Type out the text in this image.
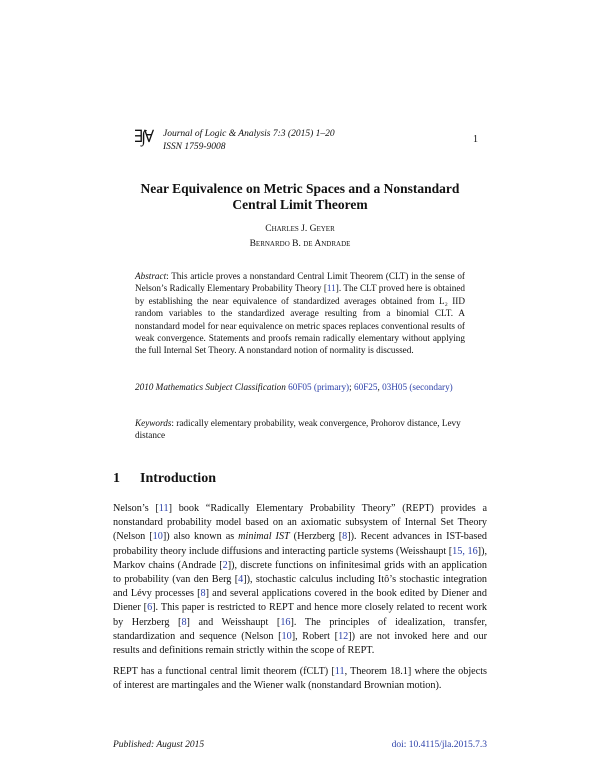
∃∫∀ Journal of Logic & Analysis 7:3 (2015) 1–20
ISSN 1759-9008
1
Near Equivalence on Metric Spaces and a Nonstandard
Central Limit Theorem
Charles J. Geyer
Bernardo B. de Andrade
Abstract: This article proves a nonstandard Central Limit Theorem (CLT) in the sense of Nelson’s Radically Elementary Probability Theory [11]. The CLT proved here is obtained by establishing the near equivalence of standardized averages obtained from L₂ IID random variables to the standardized average resulting from a binomial CLT. A nonstandard model for near equivalence on metric spaces replaces conventional results of weak convergence. Statements and proofs remain radically elementary without applying the full Internal Set Theory. A nonstandard notion of normality is discussed.
2010 Mathematics Subject Classification 60F05 (primary); 60F25, 03H05 (secondary)
Keywords: radically elementary probability, weak convergence, Prohorov distance, Levy distance
1 Introduction
Nelson’s [11] book “Radically Elementary Probability Theory” (REPT) provides a nonstandard probability model based on an axiomatic subsystem of Internal Set Theory (Nelson [10]) also known as minimal IST (Herzberg [8]). Recent advances in IST-based probability theory include diffusions and interacting particle systems (Weisshaupt [15, 16]), Markov chains (Andrade [2]), discrete functions on infinitesimal grids with an application to probability (van den Berg [4]), stochastic calculus including Itô’s stochastic integration and Lévy processes [8] and several applications covered in the book edited by Diener and Diener [6]. This paper is restricted to REPT and hence more closely related to recent work by Herzberg [8] and Weisshaupt [16]. The principles of idealization, transfer, standardization and sequence (Nelson [10], Robert [12]) are not invoked here and our results and definitions remain strictly within the scope of REPT.
REPT has a functional central limit theorem (fCLT) [11, Theorem 18.1] where the objects of interest are martingales and the Wiener walk (nonstandard Brownian motion).
Published: August 2015	doi: 10.4115/jla.2015.7.3
